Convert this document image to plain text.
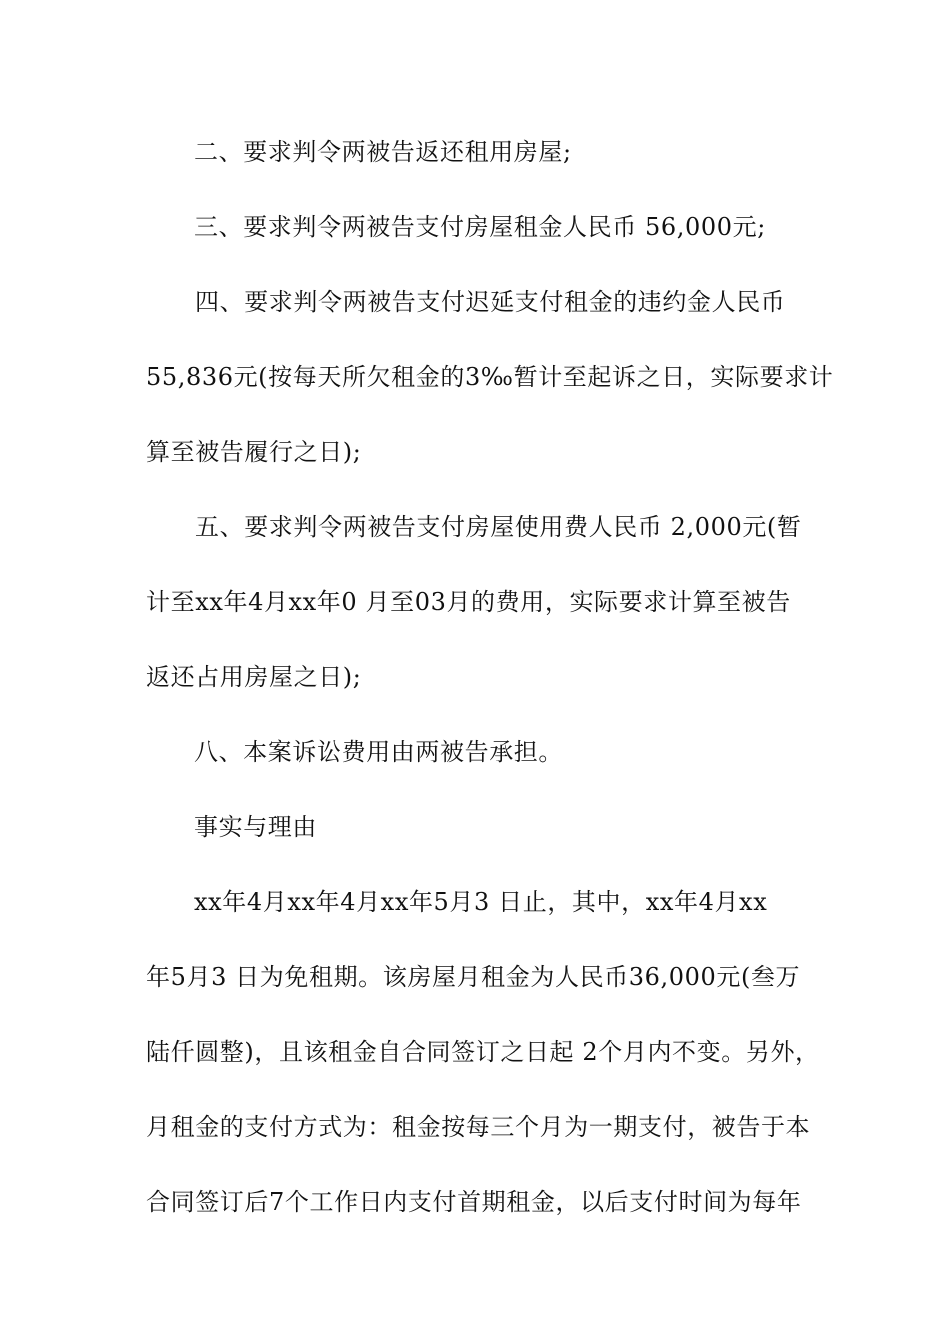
二、要求判令两被告返还租用房屋;
三、要求判令两被告支付房屋租金人民币 56,000元;
四、要求判令两被告支付迟延支付租金的违约金人民币
55,836元(按每天所欠租金的3‰暂计至起诉之日，实际要求计
算至被告履行之日);
五、要求判令两被告支付房屋使用费人民币 2,000元(暂
计至xx年4月xx年0 月至03月的费用，实际要求计算至被告
返还占用房屋之日);
八、本案诉讼费用由两被告承担。
事实与理由
xx年4月xx年4月xx年5月3 日止，其中，xx年4月xx
年5月3 日为免租期。该房屋月租金为人民币36,000元(叁万
陆仟圆整)，且该租金自合同签订之日起 2个月内不变。另外，
月租金的支付方式为：租金按每三个月为一期支付，被告于本
合同签订后7个工作日内支付首期租金，以后支付时间为每年
